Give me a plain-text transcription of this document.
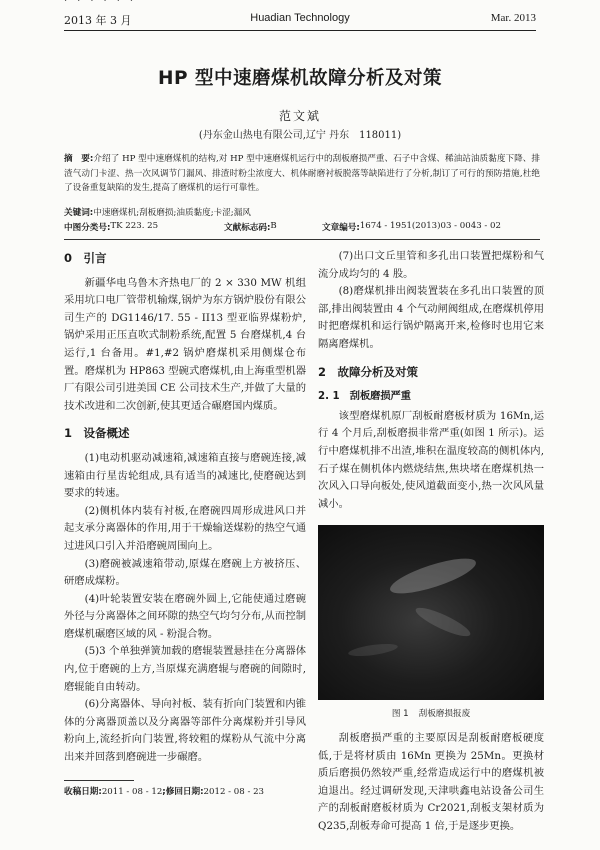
·　·　·　·　·　·
2013 年 3 月	Huadian Technology	Mar. 2013
HP 型中速磨煤机故障分析及对策
范文斌
(丹东金山热电有限公司,辽宁 丹东　118011)
摘　要:介绍了 HP 型中速磨煤机的结构,对 HP 型中速磨煤机运行中的刮板磨损严重、石子中含煤、稀油站油质黏度下降、排渣气动门卡涩、热一次风调节门漏风、排渣时粉尘浓度大、机体耐磨衬板脱落等缺陷进行了分析,制订了可行的预防措施,杜绝了设备重复缺陷的发生,提高了磨煤机的运行可靠性。
关键词:中速磨煤机;刮板磨损;油质黏度;卡涩;漏风
中图分类号: TK 223. 25	文献标志码: B	文章编号: 1674 - 1951(2013)03 - 0043 - 02
0　引言

新疆华电乌鲁木齐热电厂的 2 × 330 MW 机组采用坑口电厂管带机输煤,锅炉为东方锅炉股份有限公司生产的 DG1146/17. 55 - II13 型亚临界煤粉炉,锅炉采用正压直吹式制粉系统,配置 5 台磨煤机,4 台运行,1 台备用。#1,#2 锅炉磨煤机采用侧煤仓布置。磨煤机为 HP863 型碗式磨煤机,由上海重型机器厂有限公司引进美国 CE 公司技术生产,并做了大量的技术改进和二次创新,使其更适合碾磨国内煤质。

1　设备概述

(1)电动机驱动减速箱,减速箱直接与磨碗连接,减速箱由行星齿轮组成,具有适当的减速比,使磨碗达到要求的转速。

(2)侧机体内装有衬板,在磨碗四周形成进风口并起支承分离器体的作用,用于干燥输送煤粉的热空气通过进风口引入并沿磨碗周围向上。

(3)磨碗被减速箱带动,原煤在磨碗上方被挤压、研磨成煤粉。

(4)叶轮装置安装在磨碗外圆上,它能使通过磨碗外径与分离器体之间环隙的热空气均匀分布,从而控制磨煤机碾磨区域的风 - 粉混合物。

(5)3 个单独弹簧加载的磨辊装置悬挂在分离器体内,位于磨碗的上方,当原煤充满磨辊与磨碗的间隙时,磨辊能自由转动。

(6)分离器体、导向衬板、装有折向门装置和内锥体的分离器顶盖以及分离器等部件分离煤粉并引导风粉向上,流经折向门装置,将较粗的煤粉从气流中分离出来并回落到磨碗进一步碾磨。

(7)出口文丘里管和多孔出口装置把煤粉和气流分成均匀的 4 股。

(8)磨煤机排出阀装置装在多孔出口装置的顶部,排出阀装置由 4 个气动闸阀组成,在磨煤机停用时把磨煤机和运行锅炉隔离开来,检修时也用它来隔离磨煤机。

2　故障分析及对策
2. 1　刮板磨损严重

该型磨煤机原厂刮板耐磨板材质为 16Mn,运行 4 个月后,刮板磨损非常严重(如图 1 所示)。运行中磨煤机排不出渣,堆积在温度较高的侧机体内,石子煤在侧机体内燃烧结焦,焦块堵在磨煤机热一次风入口导向板处,使风道截面变小,热一次风风量减小。

图 1 刮板磨损报废

刮板磨损严重的主要原因是刮板耐磨板硬度低,于是将材质由 16Mn 更换为 25Mn。更换材质后磨损仍然较严重,经常造成运行中的磨煤机被迫退出。经过调研发现,天津哄鑫电站设备公司生产的刮板耐磨板材质为 Cr2021,刮板支架材质为 Q235,刮板寿命可提高 1 倍,于是逐步更换。

收稿日期:2011 - 08 - 12;修回日期:2012 - 08 - 23
